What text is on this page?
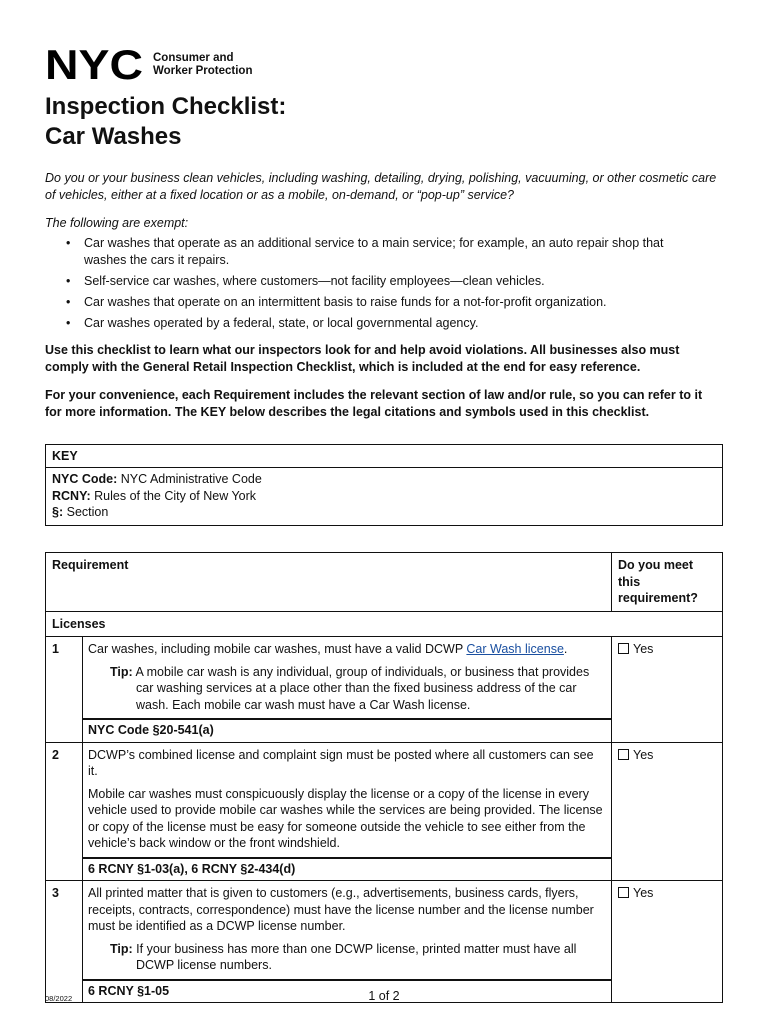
NYC Consumer and
Worker Protection
Inspection Checklist:
Car Washes

Do you or your business clean vehicles, including washing, detailing, drying, polishing, vacuuming, or other cosmetic care of vehicles, either at a fixed location or as a mobile, on-demand, or “pop-up” service?

The following are exempt:

• Car washes that operate as an additional service to a main service; for example, an auto repair shop that washes the cars it repairs.
• Self-service car washes, where customers—not facility employees—clean vehicles.
• Car washes that operate on an intermittent basis to raise funds for a not-for-profit organization.
• Car washes operated by a federal, state, or local governmental agency.

Use this checklist to learn what our inspectors look for and help avoid violations. All businesses also must comply with the General Retail Inspection Checklist, which is included at the end for easy reference.

For your convenience, each Requirement includes the relevant section of law and/or rule, so you can refer to it for more information. The KEY below describes the legal citations and symbols used in this checklist.

KEY
NYC Code: NYC Administrative Code
RCNY: Rules of the City of New York
§: Section
Requirement		Do you meet this requirement?
Licenses		
1	Car washes, including mobile car washes, must have a valid DCWP Car Wash license.

Tip: A mobile car wash is any individual, group of individuals, or business that provides
car washing services at a place other than the fixed business address of the car wash. Each mobile car wash must have a Car Wash license.

NYC Code §20-541(a)	Yes
2	DCWP’s combined license and complaint sign must be posted where all customers can see it.

Mobile car washes must conspicuously display the license or a copy of the license in every vehicle used to provide mobile car washes while the services are being provided. The license or copy of the license must be easy for someone outside the vehicle to see either from the vehicle’s back window or the front windshield.

6 RCNY §1-03(a), 6 RCNY §2-434(d)	Yes
3	All printed matter that is given to customers (e.g., advertisements, business cards, flyers, receipts, contracts, correspondence) must have the license number and the license number must be identified as a DCWP license number.

Tip: If your business has more than one DCWP license, printed matter must have all
DCWP license numbers.

6 RCNY §1-05	Yes
08/2022	1 of 2
